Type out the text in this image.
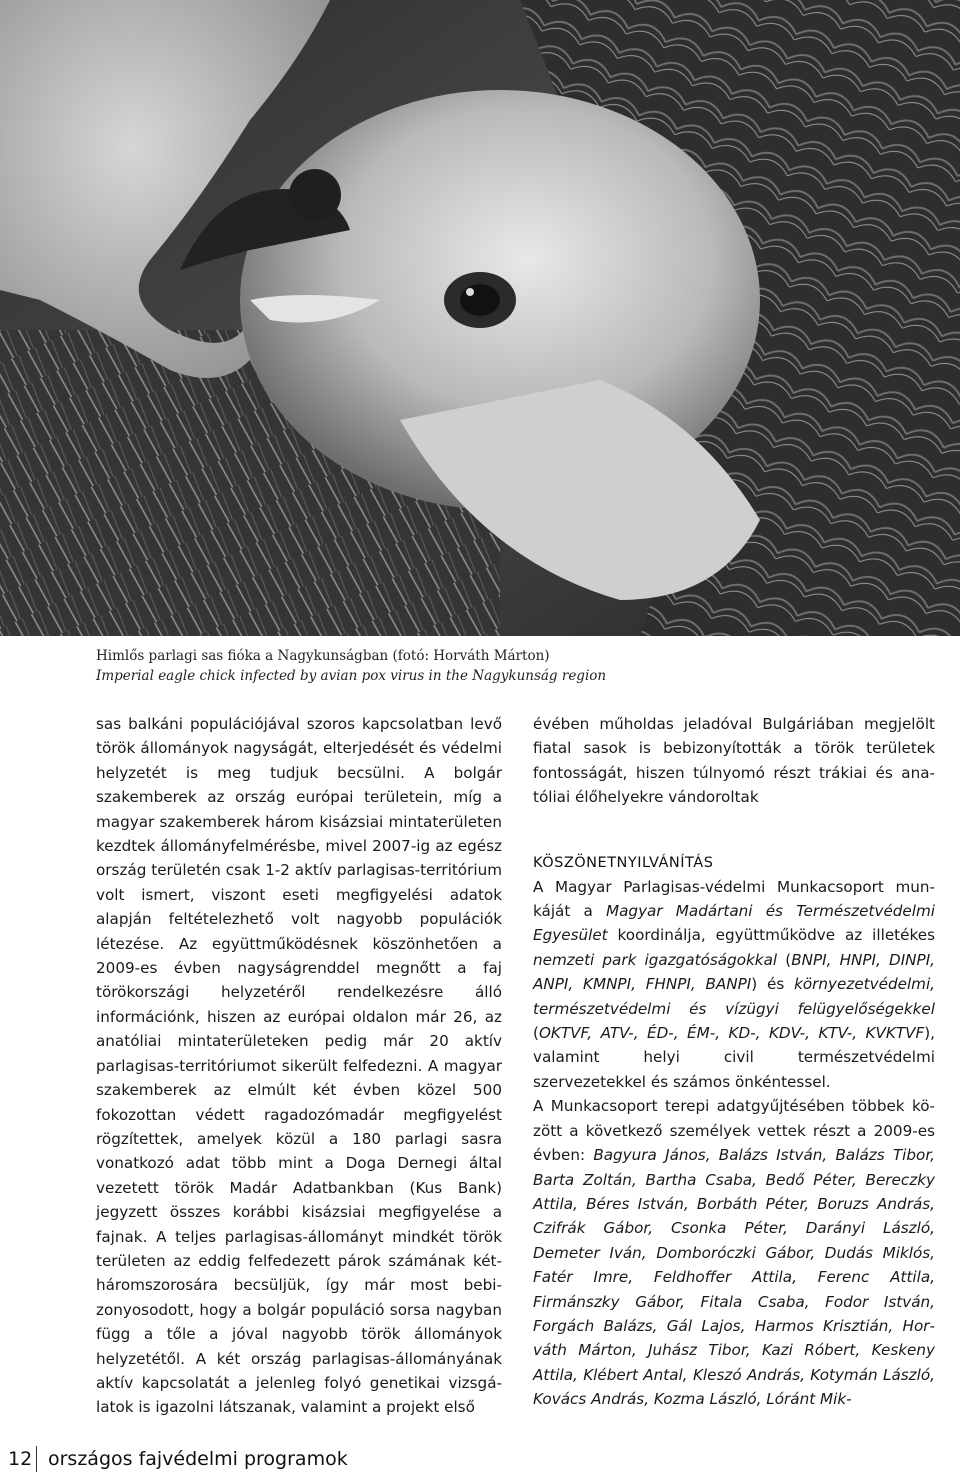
Himlős parlagi sas fióka a Nagykunságban (fotó: Horváth Márton)
Imperial eagle chick infected by avian pox virus in the Nagykunság region

sas balkáni populációjával szoros kapcsolatban levő török állományok nagyságát, elterjedését és védelmi helyzetét is meg tudjuk becsülni. A bolgár szakemberek az ország európai területein, míg a magyar szakemberek három kisázsiai mintaterületen kezdtek állományfelmérésbe, mivel 2007-ig az egész ország területén csak 1-2 aktív parlagisas-territórium volt ismert, viszont eseti megfigyelési adatok alapján feltételezhető volt nagyobb populációk létezése. Az együttműködésnek köszönhetően a 2009-es évben nagyságrenddel megnőtt a faj törökországi helyzetéről rendelkezésre álló információnk, hiszen az európai oldalon már 26, az anatóliai mintaterületeken pedig már 20 aktív parlagisas-territóriumot sikerült felfedezni. A magyar szakemberek az elmúlt két évben közel 500 fokozottan védett ragadozómadár megfigyelést rögzítettek, amelyek közül a 180 parlagi sasra vonatkozó adat több mint a Doga Dernegi által vezetett török Madár Adatbankban (Kus Bank) jegyzett összes korábbi kisázsiai megfigyelése a fajnak. A teljes parlagisas-állományt mindkét török területen az eddig felfedezett párok számának két-háromszorosára becsüljük, így már most bebizonyosodott, hogy a bolgár populáció sorsa nagyban függ a tőle a jóval nagyobb török állományok helyzetétől. A két ország parlagisas-állományának aktív kapcsolatát a jelenleg folyó genetikai vizsgálatok is igazolni látszanak, valamint a projekt első

évében műholdas jeladóval Bulgáriában megjelölt fiatal sasok is bebizonyították a török területek fontosságát, hiszen túlnyomó részt trákiai és anatóliai élőhelyekre vándoroltak

KÖSZÖNETNYILVÁNÍTÁS

A Magyar Parlagisas-védelmi Munkacsoport munkáját a Magyar Madártani és Természetvédelmi Egyesület koordinálja, együttműködve az illetékes nemzeti park igazgatóságokkal (BNPI, HNPI, DINPI, ANPI, KMNPI, FHNPI, BANPI) és környezetvédelmi, természetvédelmi és vízügyi felügyelőségekkel (OKTVF, ATV-, ÉD-, ÉM-, KD-, KDV-, KTV-, KVKTVF), valamint helyi civil természetvédelmi szervezetekkel és számos önkéntessel.

A Munkacsoport terepi adatgyűjtésében többek között a következő személyek vettek részt a 2009-es évben: Bagyura János, Balázs István, Balázs Tibor, Barta Zoltán, Bartha Csaba, Bedő Péter, Bereczky Attila, Béres István, Borbáth Péter, Boruzs András, Czifrák Gábor, Csonka Péter, Darányi László, Demeter Iván, Domboróczki Gábor, Dudás Miklós, Fatér Imre, Feldhoffer Attila, Ferenc Attila, Firmánszky Gábor, Fitala Csaba, Fodor István, Forgách Balázs, Gál Lajos, Harmos Krisztián, Horváth Márton, Juhász Tibor, Kazi Róbert, Keskeny Attila, Klébert Antal, Kleszó András, Kotymán László, Kovács András, Kozma László, Lóránt Mik-

12 országos fajvédelmi programok
